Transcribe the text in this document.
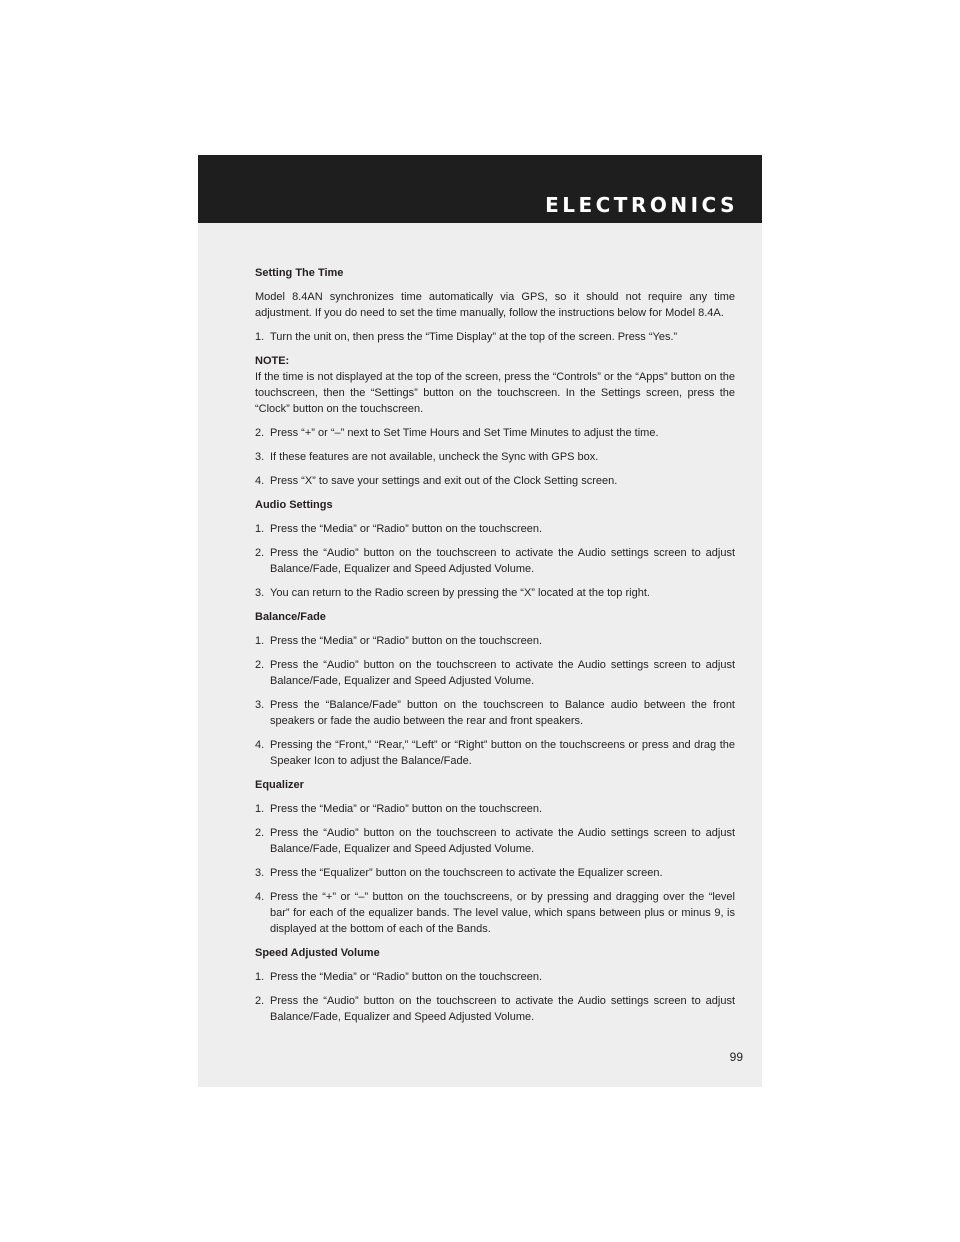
ELECTRONICS

Setting The Time

Model 8.4AN synchronizes time automatically via GPS, so it should not require any time adjustment. If you do need to set the time manually, follow the instructions below for Model 8.4A.

1. Turn the unit on, then press the “Time Display” at the top of the screen. Press “Yes.”

NOTE:

If the time is not displayed at the top of the screen, press the “Controls” or the “Apps” button on the touchscreen, then the “Settings” button on the touchscreen. In the Settings screen, press the “Clock” button on the touchscreen.

2. Press “+” or “–” next to Set Time Hours and Set Time Minutes to adjust the time.
3. If these features are not available, uncheck the Sync with GPS box.
4. Press “X” to save your settings and exit out of the Clock Setting screen.

Audio Settings

1. Press the “Media” or “Radio” button on the touchscreen.
2. Press the “Audio” button on the touchscreen to activate the Audio settings screen to adjust Balance/Fade, Equalizer and Speed Adjusted Volume.
3. You can return to the Radio screen by pressing the “X” located at the top right.

Balance/Fade

1. Press the “Media” or “Radio” button on the touchscreen.
2. Press the “Audio” button on the touchscreen to activate the Audio settings screen to adjust Balance/Fade, Equalizer and Speed Adjusted Volume.
3. Press the “Balance/Fade” button on the touchscreen to Balance audio between the front speakers or fade the audio between the rear and front speakers.
4. Pressing the “Front,” “Rear,” “Left” or “Right” button on the touchscreens or press and drag the Speaker Icon to adjust the Balance/Fade.

Equalizer

1. Press the “Media” or “Radio” button on the touchscreen.
2. Press the “Audio” button on the touchscreen to activate the Audio settings screen to adjust Balance/Fade, Equalizer and Speed Adjusted Volume.
3. Press the “Equalizer” button on the touchscreen to activate the Equalizer screen.
4. Press the “+” or “–” button on the touchscreens, or by pressing and dragging over the “level bar” for each of the equalizer bands. The level value, which spans between plus or minus 9, is displayed at the bottom of each of the Bands.

Speed Adjusted Volume

1. Press the “Media” or “Radio” button on the touchscreen.
2. Press the “Audio” button on the touchscreen to activate the Audio settings screen to adjust Balance/Fade, Equalizer and Speed Adjusted Volume.
99
